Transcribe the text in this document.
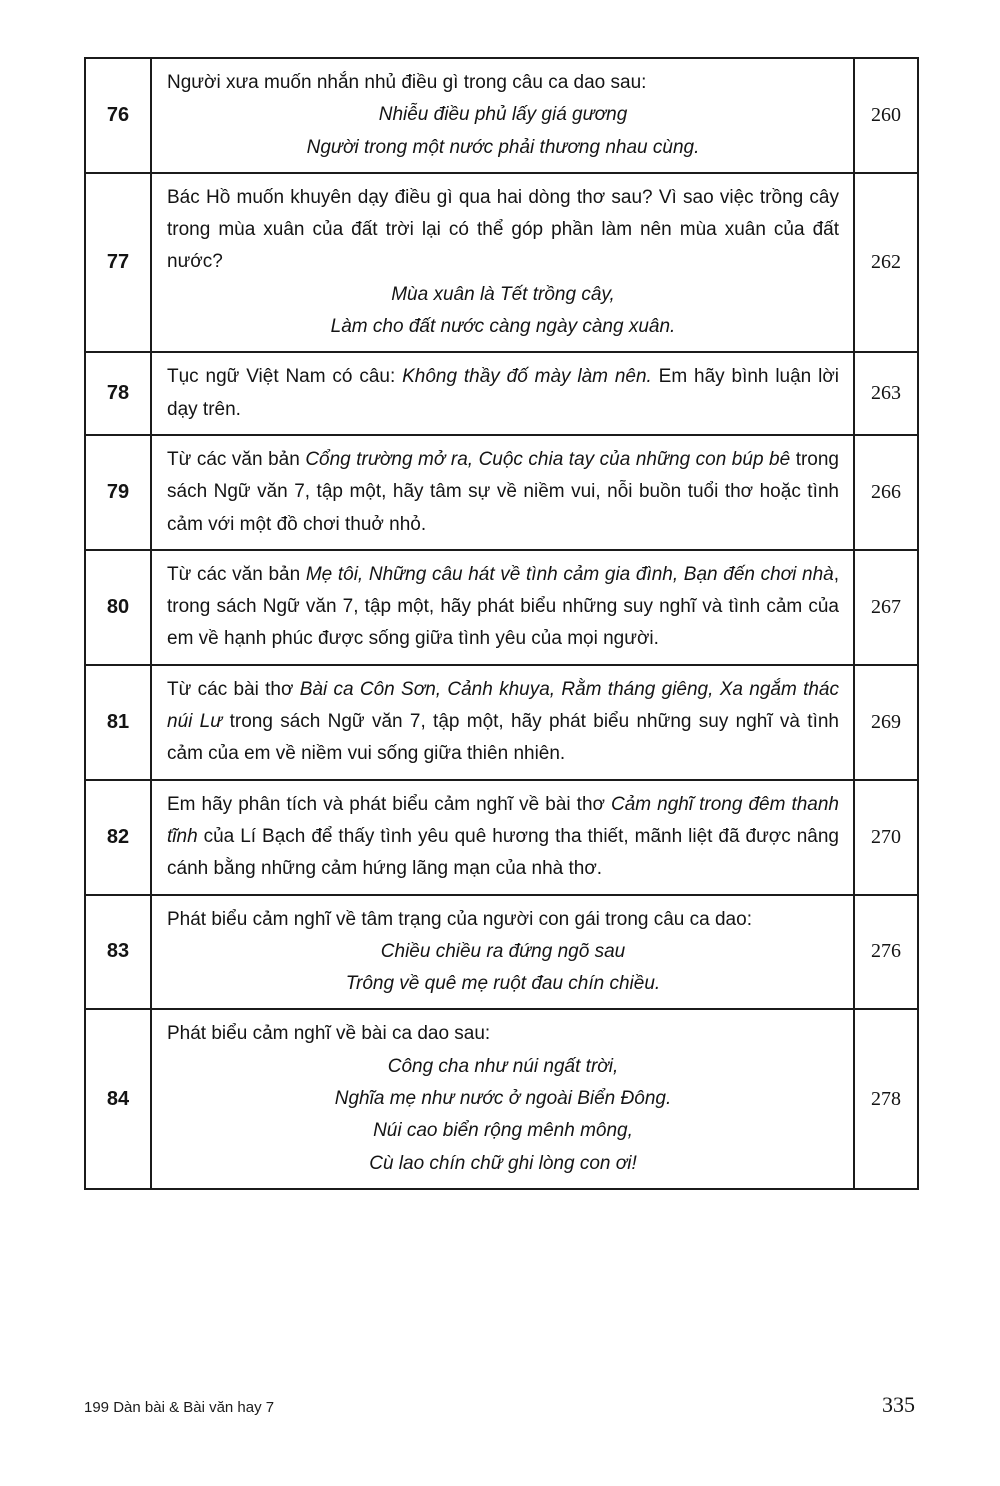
76

Người xưa muốn nhắn nhủ điều gì trong câu ca dao sau:

Nhiễu điều phủ lấy giá gương
Người trong một nước phải thương nhau cùng.
260
77

Bác Hồ muốn khuyên dạy điều gì qua hai dòng thơ sau? Vì sao việc trồng cây trong mùa xuân của đất trời lại có thể góp phần làm nên mùa xuân của đất nước?

Mùa xuân là Tết trồng cây,
Làm cho đất nước càng ngày càng xuân.
262
78

Tục ngữ Việt Nam có câu: Không thầy đố mày làm nên. Em hãy bình luận lời dạy trên.

263
79

Từ các văn bản Cổng trường mở ra, Cuộc chia tay của những con búp bê trong sách Ngữ văn 7, tập một, hãy tâm sự về niềm vui, nỗi buồn tuổi thơ hoặc tình cảm với một đồ chơi thuở nhỏ.

266
80

Từ các văn bản Mẹ tôi, Những câu hát về tình cảm gia đình, Bạn đến chơi nhà, trong sách Ngữ văn 7, tập một, hãy phát biểu những suy nghĩ và tình cảm của em về hạnh phúc được sống giữa tình yêu của mọi người.

267
81

Từ các bài thơ Bài ca Côn Sơn, Cảnh khuya, Rằm tháng giêng, Xa ngắm thác núi Lư trong sách Ngữ văn 7, tập một, hãy phát biểu những suy nghĩ và tình cảm của em về niềm vui sống giữa thiên nhiên.

269
82

Em hãy phân tích và phát biểu cảm nghĩ về bài thơ Cảm nghĩ trong đêm thanh tĩnh của Lí Bạch để thấy tình yêu quê hương tha thiết, mãnh liệt đã được nâng cánh bằng những cảm hứng lãng mạn của nhà thơ.

270
83

Phát biểu cảm nghĩ về tâm trạng của người con gái trong câu ca dao:

Chiều chiều ra đứng ngõ sau
Trông về quê mẹ ruột đau chín chiều.
276
84

Phát biểu cảm nghĩ về bài ca dao sau:

Công cha như núi ngất trời,
Nghĩa mẹ như nước ở ngoài Biển Đông.
Núi cao biển rộng mênh mông,
Cù lao chín chữ ghi lòng con ơi!
278
199 Dàn bài & Bài văn hay 7	335
